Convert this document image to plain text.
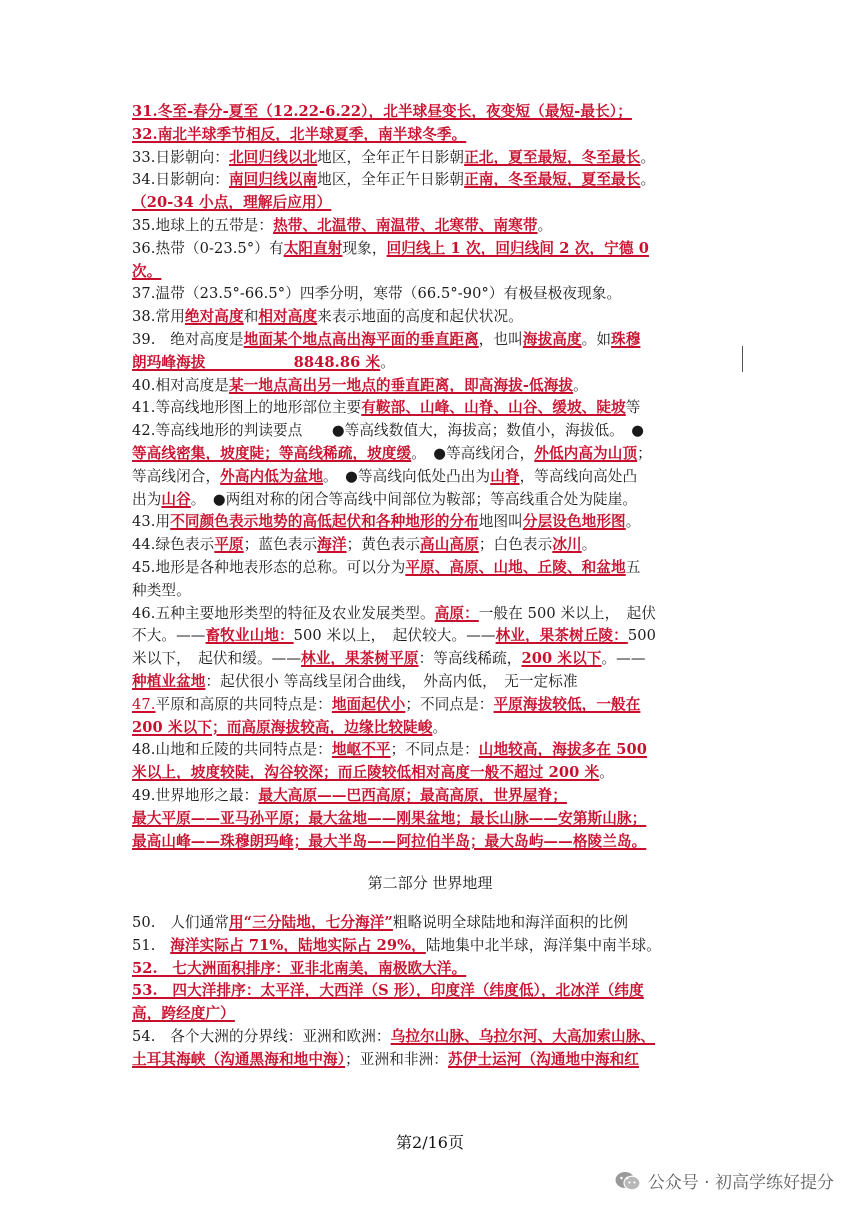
31.冬至-春分-夏至（12.22-6.22），北半球昼变长，夜变短（最短-最长）；
32.南北半球季节相反，北半球夏季，南半球冬季。
33.日影朝向：北回归线以北地区，全年正午日影朝正北，夏至最短，冬至最长。
34.日影朝向：南回归线以南地区，全年正午日影朝正南，冬至最短，夏至最长。
（20-34 小点，理解后应用）
35.地球上的五带是：热带、北温带、南温带、北寒带、南寒带。
36.热带（0-23.5°）有太阳直射现象，回归线上 1 次，回归线间 2 次，宁德 0
次。
37.温带（23.5°-66.5°）四季分明，寒带（66.5°-90°）有极昼极夜现象。
38.常用绝对高度和相对高度来表示地面的高度和起伏状况。
39.　绝对高度是地面某个地点高出海平面的垂直距离，也叫海拔高度。如珠穆
朗玛峰海拔　　　　　　8848.86 米。
40.相对高度是某一地点高出另一地点的垂直距离，即高海拔-低海拔。
41.等高线地形图上的地形部位主要有鞍部、山峰、山脊、山谷、缓坡、陡坡等
42.等高线地形的判读要点　　●等高线数值大，海拔高；数值小，海拔低。　●
等高线密集，坡度陡；等高线稀疏，坡度缓。　●等高线闭合，外低内高为山顶；
等高线闭合，外高内低为盆地。　●等高线向低处凸出为山脊，等高线向高处凸
出为山谷。　●两组对称的闭合等高线中间部位为鞍部；等高线重合处为陡崖。
43.用不同颜色表示地势的高低起伏和各种地形的分布地图叫分层设色地形图。
44.绿色表示平原；蓝色表示海洋；黄色表示高山高原；白色表示冰川。
45.地形是各种地表形态的总称。可以分为平原、高原、山地、丘陵、和盆地五
种类型。
46.五种主要地形类型的特征及农业发展类型。高原：一般在 500 米以上，　起伏
不大。——畜牧业山地：500 米以上，　起伏较大。——林业，果茶树丘陵：500
米以下，　起伏和缓。——林业，果茶树平原：等高线稀疏，200 米以下。——
种植业盆地：起伏很小 等高线呈闭合曲线，　外高内低，　无一定标准
47.平原和高原的共同特点是：地面起伏小；不同点是：平原海拔较低，一般在
200 米以下；而高原海拔较高，边缘比较陡峻。
48.山地和丘陵的共同特点是：地岖不平；不同点是：山地较高，海拔多在 500
米以上，坡度较陡，沟谷较深；而丘陵较低相对高度一般不超过 200 米。
49.世界地形之最：最大高原——巴西高原；最高高原，世界屋脊；
最大平原——亚马孙平原；最大盆地——刚果盆地；最长山脉——安第斯山脉；
最高山峰——珠穆朗玛峰；最大半岛——阿拉伯半岛；最大岛屿——格陵兰岛。
第二部分 世界地理
50.　人们通常用“三分陆地，七分海洋”粗略说明全球陆地和海洋面积的比例
51.　海洋实际占 71%，陆地实际占 29%，陆地集中北半球，海洋集中南半球。
52.　七大洲面积排序：亚非北南美，南极欧大洋。
53.　四大洋排序：太平洋，大西洋（S 形），印度洋（纬度低），北冰洋（纬度
高，跨经度广）
54.　各个大洲的分界线：亚洲和欧洲：乌拉尔山脉、乌拉尔河、大高加索山脉、
土耳其海峡（沟通黑海和地中海）；亚洲和非洲：苏伊士运河（沟通地中海和红
第2/16页
公众号 · 初高学练好提分
